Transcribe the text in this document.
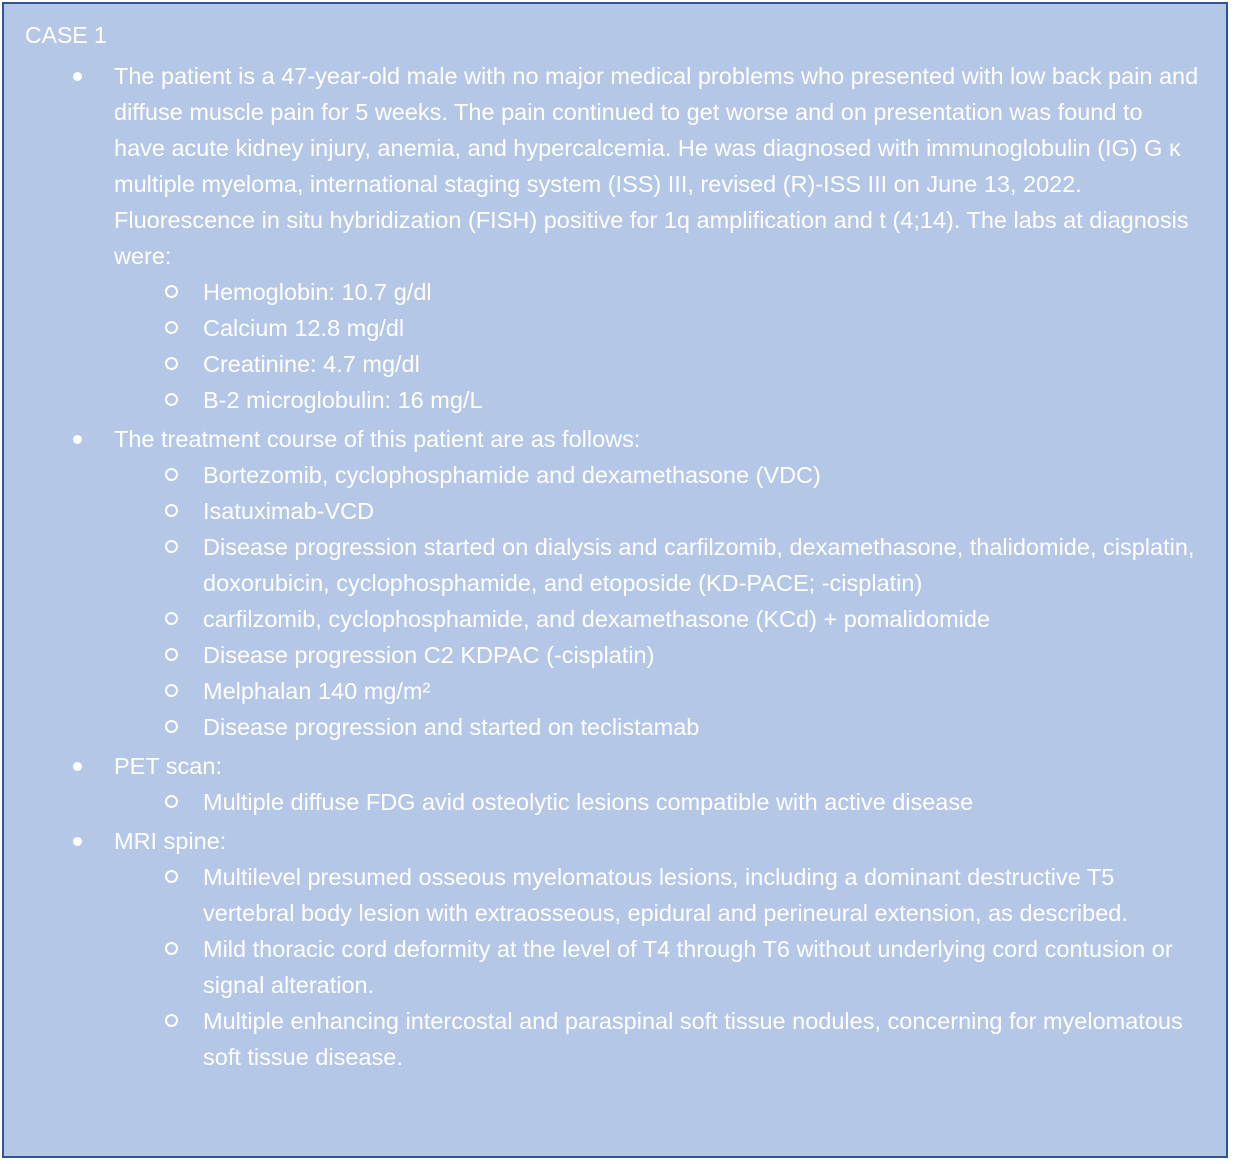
CASE 1
The patient is a 47-year-old male with no major medical problems who presented with low back pain and diffuse muscle pain for 5 weeks. The pain continued to get worse and on presentation was found to have acute kidney injury, anemia, and hypercalcemia. He was diagnosed with immunoglobulin (IG) G κ multiple myeloma, international staging system (ISS) III, revised (R)-ISS III on June 13, 2022. Fluorescence in situ hybridization (FISH) positive for 1q amplification and t (4;14). The labs at diagnosis were:
Hemoglobin: 10.7 g/dl
Calcium 12.8 mg/dl
Creatinine: 4.7 mg/dl
Β-2 microglobulin: 16 mg/L
The treatment course of this patient are as follows:
Bortezomib, cyclophosphamide and dexamethasone (VDC)
Isatuximab-VCD
Disease progression started on dialysis and carfilzomib, dexamethasone, thalidomide, cisplatin, doxorubicin, cyclophosphamide, and etoposide (KD-PACE; -cisplatin)
carfilzomib, cyclophosphamide, and dexamethasone (KCd) + pomalidomide
Disease progression C2 KDPAC (-cisplatin)
Melphalan 140 mg/m²
Disease progression and started on teclistamab
PET scan:
Multiple diffuse FDG avid osteolytic lesions compatible with active disease
MRI spine:
Multilevel presumed osseous myelomatous lesions, including a dominant destructive T5 vertebral body lesion with extraosseous, epidural and perineural extension, as described.
Mild thoracic cord deformity at the level of T4 through T6 without underlying cord contusion or signal alteration.
Multiple enhancing intercostal and paraspinal soft tissue nodules, concerning for myelomatous soft tissue disease.
